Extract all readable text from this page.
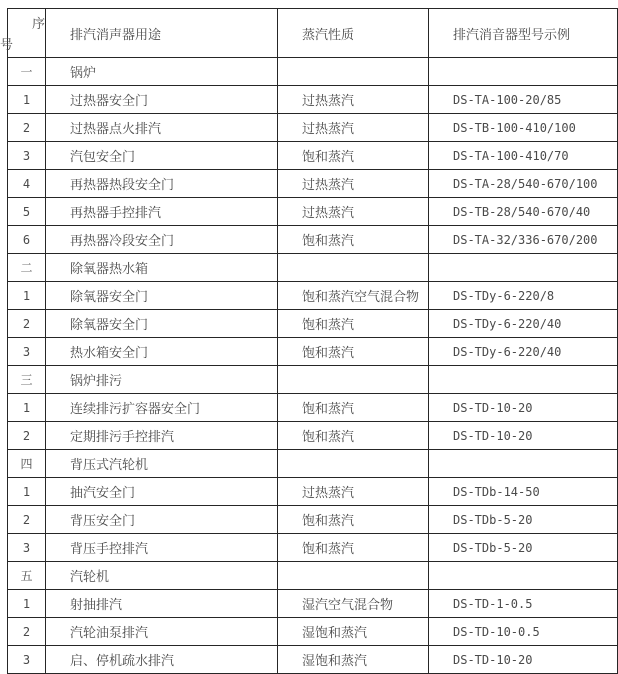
序号	排汽消声器用途	蒸汽性质	排汽消音器型号示例
一	锅炉		
1	过热器安全门	过热蒸汽	DS-TA-100-20/85
2	过热器点火排汽	过热蒸汽	DS-TB-100-410/100
3	汽包安全门	饱和蒸汽	DS-TA-100-410/70
4	再热器热段安全门	过热蒸汽	DS-TA-28/540-670/100
5	再热器手控排汽	过热蒸汽	DS-TB-28/540-670/40
6	再热器冷段安全门	饱和蒸汽	DS-TA-32/336-670/200
二	除氧器热水箱		
1	除氧器安全门	饱和蒸汽空气混合物	DS-TDy-6-220/8
2	除氧器安全门	饱和蒸汽	DS-TDy-6-220/40
3	热水箱安全门	饱和蒸汽	DS-TDy-6-220/40
三	锅炉排污		
1	连续排污扩容器安全门	饱和蒸汽	DS-TD-10-20
2	定期排污手控排汽	饱和蒸汽	DS-TD-10-20
四	背压式汽轮机		
1	抽汽安全门	过热蒸汽	DS-TDb-14-50
2	背压安全门	饱和蒸汽	DS-TDb-5-20
3	背压手控排汽	饱和蒸汽	DS-TDb-5-20
五	汽轮机		
1	射抽排汽	湿汽空气混合物	DS-TD-1-0.5
2	汽轮油泵排汽	湿饱和蒸汽	DS-TD-10-0.5
3	启、停机疏水排汽	湿饱和蒸汽	DS-TD-10-20
